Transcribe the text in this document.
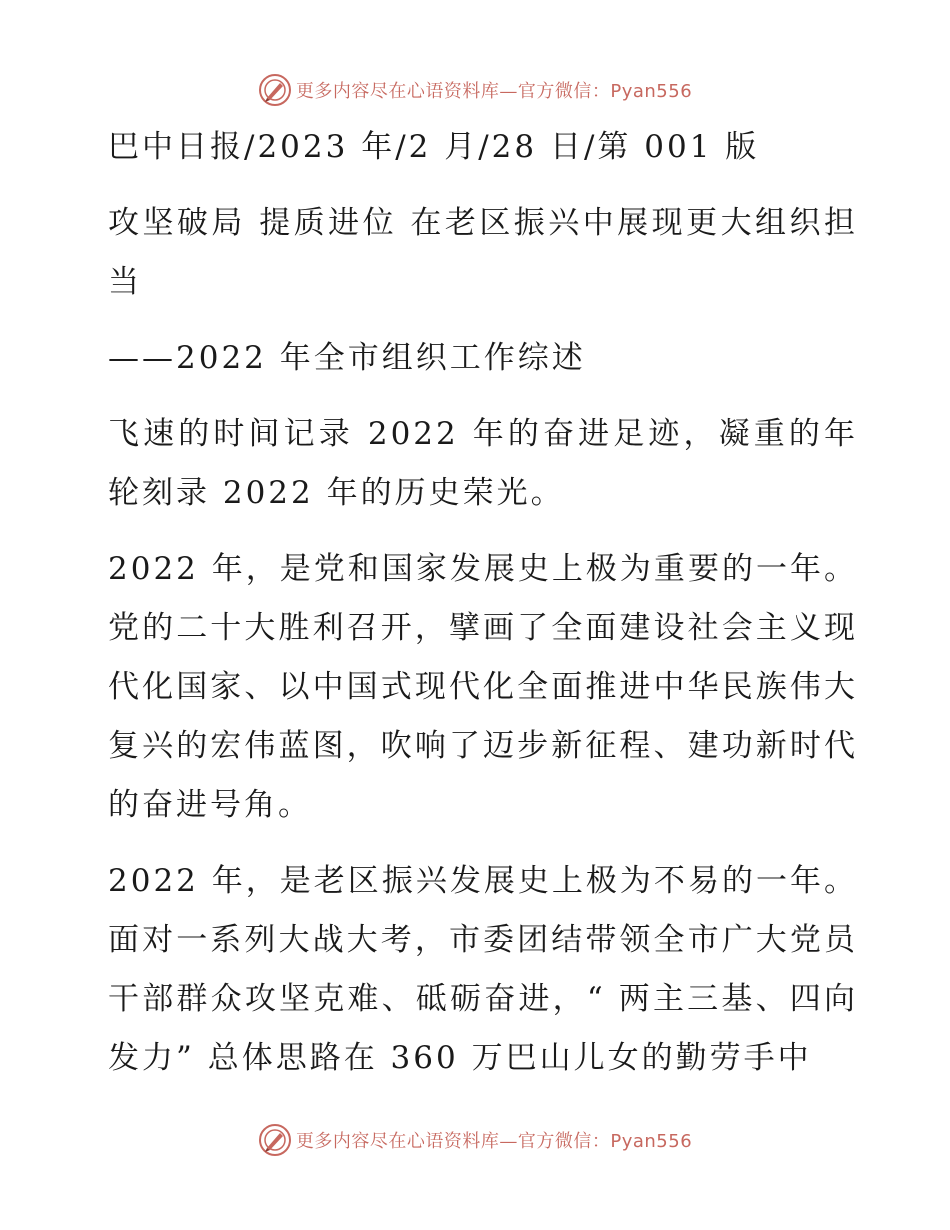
更多内容尽在心语资料库—官方微信：Pyan556

巴中日报/2023 年/2 月/28 日/第 001 版

攻坚破局 提质进位 在老区振兴中展现更大组织担当

——2022 年全市组织工作综述

飞速的时间记录 2022 年的奋进足迹，凝重的年轮刻录 2022 年的历史荣光。

2022 年，是党和国家发展史上极为重要的一年。党的二十大胜利召开，擘画了全面建设社会主义现代化国家、以中国式现代化全面推进中华民族伟大复兴的宏伟蓝图，吹响了迈步新征程、建功新时代的奋进号角。

2022 年，是老区振兴发展史上极为不易的一年。面对一系列大战大考，市委团结带领全市广大党员干部群众攻坚克难、砥砺奋进，“ 两主三基、四向发力” 总体思路在 360 万巴山儿女的勤劳手中

更多内容尽在心语资料库—官方微信：Pyan556
